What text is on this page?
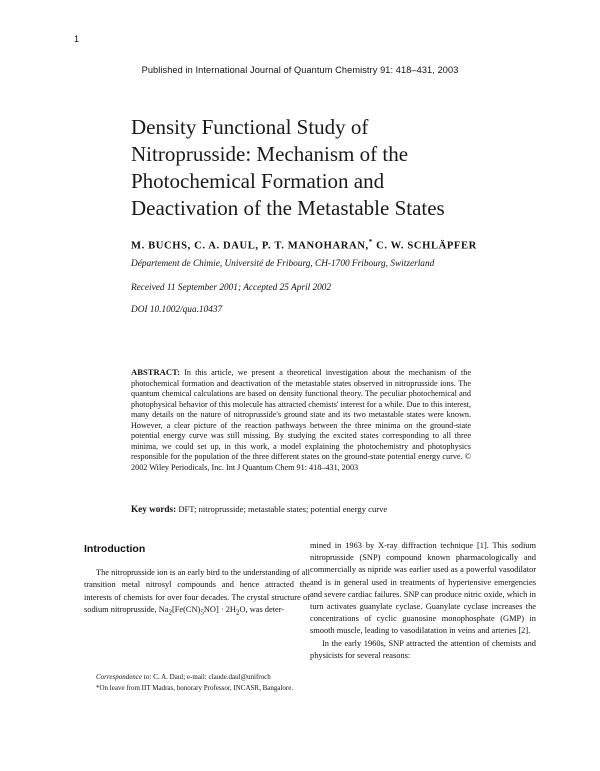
1
Published in International Journal of Quantum Chemistry 91: 418–431, 2003
Density Functional Study of
Nitroprusside: Mechanism of the
Photochemical Formation and
Deactivation of the Metastable States
M. BUCHS, C. A. DAUL, P. T. MANOHARAN,* C. W. SCHLÄPFER
Département de Chimie, Université de Fribourg, CH-1700 Fribourg, Switzerland
Received 11 September 2001; Accepted 25 April 2002
DOI 10.1002/qua.10437
ABSTRACT: In this article, we present a theoretical investigation about the mechanism of the photochemical formation and deactivation of the metastable states observed in nitroprusside ions. The quantum chemical calculations are based on density functional theory. The peculiar photochemical and photophysical behavior of this molecule has attracted chemists' interest for a while. Due to this interest, many details on the nature of nitroprusside's ground state and its two metastable states were known. However, a clear picture of the reaction pathways between the three minima on the ground-state potential energy curve was still missing. By studying the excited states corresponding to all three minima, we could set up, in this work, a model explaining the photochemistry and photophysics responsible for the population of the three different states on the ground-state potential energy curve. © 2002 Wiley Periodicals, Inc. Int J Quantum Chem 91: 418–431, 2003
Key words: DFT; nitroprusside; metastable states; potential energy curve

Introduction

The nitroprusside ion is an early bird to the understanding of all transition metal nitrosyl compounds and hence attracted the interests of chemists for over four decades. The crystal structure of sodium nitroprusside, $Na_2[Fe(CN)_5NO] \cdot 2H_2O$, was deter-

mined in 1963 by X-ray diffraction technique [1]. This sodium nitroprusside (SNP) compound known pharmacologically and commercially as nipride was earlier used as a powerful vasodilator and is in general used in treatments of hypertensive emergencies and severe cardiac failures. SNP can produce nitric oxide, which in turn activates guanylate cyclase. Guanylate cyclase increases the concentrations of cyclic guanosine monophosphate (GMP) in smooth muscle, leading to vasodilatation in veins and arteries [2].

In the early 1960s, SNP attracted the attention of chemists and physicists for several reasons:

Correspondence to: C. A. Daul; e-mail: claude.daul@unifroch

*On leave from IIT Madras, honorary Professor, INCASR, Bangalore.
